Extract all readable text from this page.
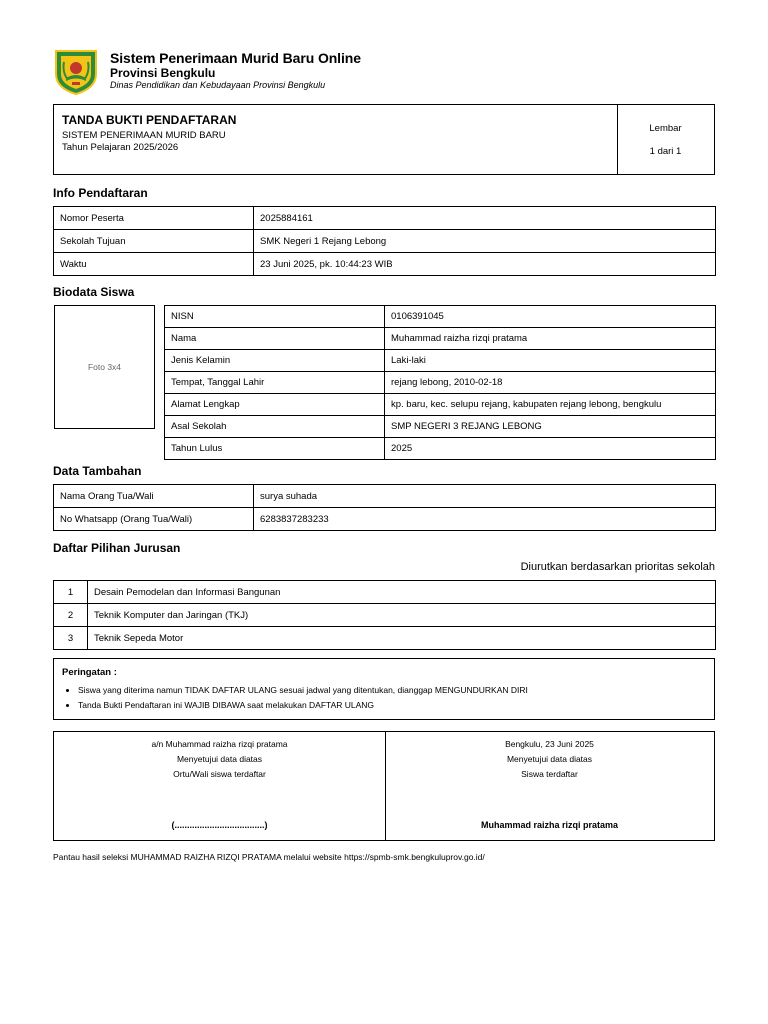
Sistem Penerimaan Murid Baru Online
Provinsi Bengkulu
Dinas Pendidikan dan Kebudayaan Provinsi Bengkulu
TANDA BUKTI PENDAFTARAN
SISTEM PENERIMAAN MURID BARU
Tahun Pelajaran 2025/2026
Lembar
1 dari 1
Info Pendaftaran
Nomor Peserta	2025884161
Sekolah Tujuan	SMK Negeri 1 Rejang Lebong
Waktu	23 Juni 2025, pk. 10:44:23 WIB
Biodata Siswa
Foto 3x4
NISN	0106391045
Nama	Muhammad raizha rizqi pratama
Jenis Kelamin	Laki-laki
Tempat, Tanggal Lahir	rejang lebong, 2010-02-18
Alamat Lengkap	kp. baru, kec. selupu rejang, kabupaten rejang lebong, bengkulu
Asal Sekolah	SMP NEGERI 3 REJANG LEBONG
Tahun Lulus	2025
Data Tambahan
Nama Orang Tua/Wali	surya suhada
No Whatsapp (Orang Tua/Wali)	6283837283233
Daftar Pilihan Jurusan
Diurutkan berdasarkan prioritas sekolah
1	Desain Pemodelan dan Informasi Bangunan
2	Teknik Komputer dan Jaringan (TKJ)
3	Teknik Sepeda Motor
Peringatan :
• Siswa yang diterima namun TIDAK DAFTAR ULANG sesuai jadwal yang ditentukan, dianggap MENGUNDURKAN DIRI
• Tanda Bukti Pendaftaran ini WAJIB DIBAWA saat melakukan DAFTAR ULANG
a/n Muhammad raizha rizqi pratama
Menyetujui data diatas
Ortu/Wali siswa terdaftar
(....................................)
Bengkulu, 23 Juni 2025
Menyetujui data diatas
Siswa terdaftar
Muhammad raizha rizqi pratama
Pantau hasil seleksi MUHAMMAD RAIZHA RIZQI PRATAMA melalui website https://spmb-smk.bengkuluprov.go.id/
